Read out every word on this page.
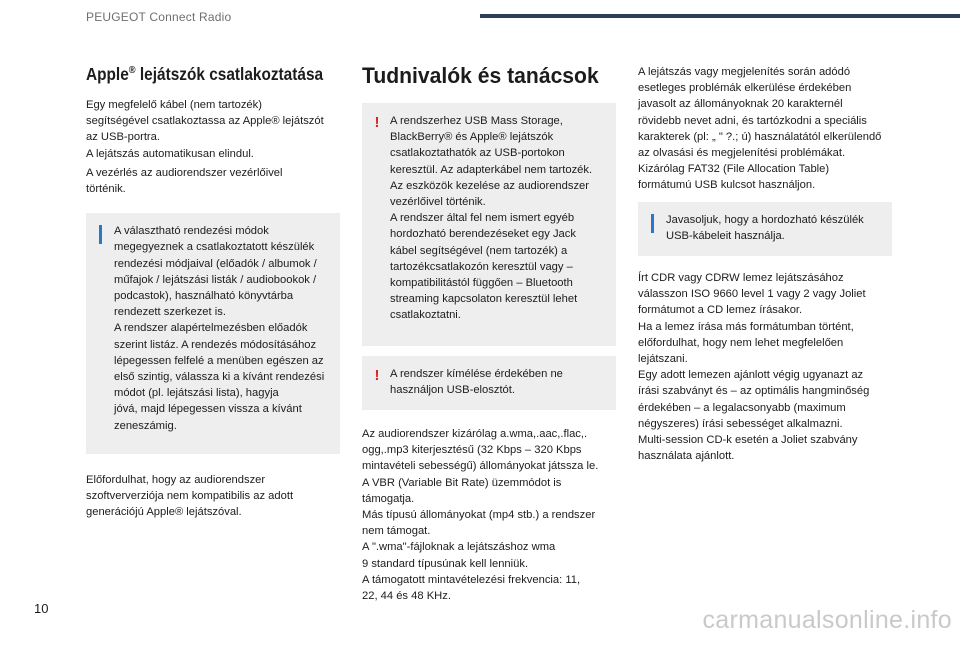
PEUGEOT Connect Radio
Apple® lejátszók csatlakoztatása

Egy megfelelő kábel (nem tartozék)
segítségével csatlakoztassa az Apple® lejátszót
az USB-portra.
A lejátszás automatikusan elindul.

A vezérlés az audiorendszer vezérlőivel
történik.

A választható rendezési módok
megegyeznek a csatlakoztatott készülék
rendezési módjaival (előadók / albumok /
műfajok / lejátszási listák / audiobookok /
podcastok), használható könyvtárba
rendezett szerkezet is.
A rendszer alapértelmezésben előadók
szerint listáz. A rendezés módosításához
lépegessen felfelé a menüben egészen az
első szintig, válassza ki a kívánt rendezési
módot (pl. lejátszási lista), hagyja
jóvá, majd lépegessen vissza a kívánt
zeneszámig.

Előfordulhat, hogy az audiorendszer
szoftververziója nem kompatibilis az adott
generációjú Apple® lejátszóval.

Tudnivalók és tanácsok
! A rendszerhez USB Mass Storage,
BlackBerry® és Apple® lejátszók
csatlakoztathatók az USB-portokon
keresztül. Az adapterkábel nem tartozék.
Az eszközök kezelése az audiorendszer
vezérlőivel történik.
A rendszer által fel nem ismert egyéb
hordozható berendezéseket egy Jack
kábel segítségével (nem tartozék) a
tartozékcsatlakozón keresztül vagy –
kompatibilitástól függően – Bluetooth
streaming kapcsolaton keresztül lehet
csatlakoztatni.

! A rendszer kímélése érdekében ne
használjon USB-elosztót.

Az audiorendszer kizárólag a.wma,.aac,.flac,.
ogg,.mp3 kiterjesztésű (32 Kbps – 320 Kbps
mintavételi sebességű) állományokat játssza le.
A VBR (Variable Bit Rate) üzemmódot is
támogatja.
Más típusú állományokat (mp4 stb.) a rendszer
nem támogat.
A ".wma"-fájloknak a lejátszáshoz wma
9 standard típusúnak kell lenniük.
A támogatott mintavételezési frekvencia: 11,
22, 44 és 48 KHz.

A lejátszás vagy megjelenítés során adódó
esetleges problémák elkerülése érdekében
javasolt az állományoknak 20 karakternél
rövidebb nevet adni, és tartózkodni a speciális
karakterek (pl: „ " ?.; ú) használatától elkerülendő
az olvasási és megjelenítési problémákat.
Kizárólag FAT32 (File Allocation Table)
formátumú USB kulcsot használjon.

Javasoljuk, hogy a hordozható készülék
USB-kábeleit használja.

Írt CDR vagy CDRW lemez lejátszásához
válasszon ISO 9660 level 1 vagy 2 vagy Joliet
formátumot a CD lemez írásakor.
Ha a lemez írása más formátumban történt,
előfordulhat, hogy nem lehet megfelelően
lejátszani.
Egy adott lemezen ajánlott végig ugyanazt az
írási szabványt és – az optimális hangminőség
érdekében – a legalacsonyabb (maximum
négyszeres) írási sebességet alkalmazni.
Multi-session CD-k esetén a Joliet szabvány
használata ajánlott.

10	carmanualsonline.info
